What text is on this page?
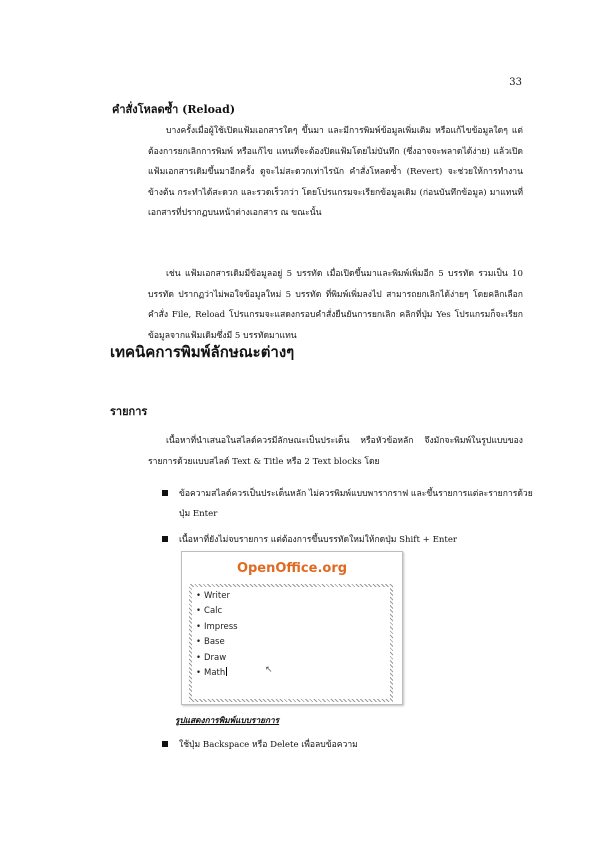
33
คำสั่งโหลดซ้ำ (Reload)
บางครั้งเมื่อผู้ใช้เปิดแฟ้มเอกสารใดๆ ขึ้นมา และมีการพิมพ์ข้อมูลเพิ่มเติม หรือแก้ไขข้อมูลใดๆ แต่ต้องการยกเลิกการพิมพ์ หรือแก้ไข แทนที่จะต้องปิดแฟ้มโดยไม่บันทึก (ซึ่งอาจจะพลาดได้ง่าย) แล้วเปิดแฟ้มเอกสารเดิมขึ้นมาอีกครั้ง ดูจะไม่สะดวกเท่าไรนัก คำสั่งโหลดซ้ำ (Revert) จะช่วยให้การทำงานข้างต้น กระทำได้สะดวก และรวดเร็วกว่า โดยโปรแกรมจะเรียกข้อมูลเดิม (ก่อนบันทึกข้อมูล) มาแทนที่เอกสารที่ปรากฏบนหน้าต่างเอกสาร ณ ขณะนั้น
เช่น แฟ้มเอกสารเดิมมีข้อมูลอยู่ 5 บรรทัด เมื่อเปิดขึ้นมาและพิมพ์เพิ่มอีก 5 บรรทัด รวมเป็น 10 บรรทัด ปรากฏว่าไม่พอใจข้อมูลใหม่ 5 บรรทัด ที่พิมพ์เพิ่มลงไป สามารถยกเลิกได้ง่ายๆ โดยคลิกเลือกคำสั่ง File, Reload โปรแกรมจะแสดงกรอบคำสั่งยืนยันการยกเลิก คลิกที่ปุ่ม Yes โปรแกรมก็จะเรียกข้อมูลจากแฟ้มเดิมซึ่งมี 5 บรรทัดมาแทน
เทคนิคการพิมพ์ลักษณะต่างๆ
รายการ
เนื้อหาที่นำเสนอในสไลด์ควรมีลักษณะเป็นประเด็น หรือหัวข้อหลัก จึงมักจะพิมพ์ในรูปแบบของรายการด้วยแบบสไลด์ Text & Title หรือ 2 Text blocks โดย
ข้อความสไลด์ควรเป็นประเด็นหลัก ไม่ควรพิมพ์แบบพารากราฟ และขึ้นรายการแต่ละรายการด้วยปุ่ม Enter
เนื้อหาที่ยังไม่จบรายการ แต่ต้องการขึ้นบรรทัดใหม่ให้กดปุ่ม Shift + Enter
OpenOffice.org
• Writer
• Calc
• Impress
• Base
• Draw
• Math	↖
รูปแสดงการพิมพ์แบบรายการ
ใช้ปุ่ม Backspace หรือ Delete เพื่อลบข้อความ
